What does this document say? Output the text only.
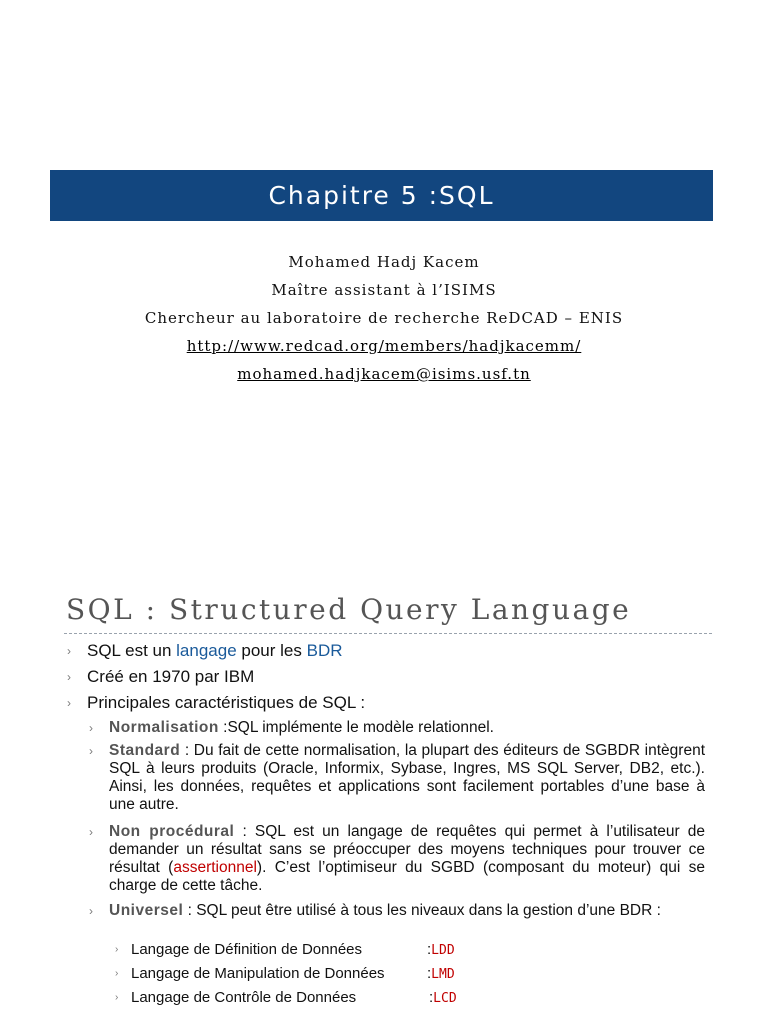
Chapitre 5 :SQL
Mohamed Hadj Kacem
Maître assistant à l’ISIMS
Chercheur au laboratoire de recherche ReDCAD – ENIS
http://www.redcad.org/members/hadjkacemm/
mohamed.hadjkacem@isims.usf.tn
SQL : Structured Query Language
› SQL est un langage pour les BDR
› Créé en 1970 par IBM
› Principales caractéristiques de SQL :
› Normalisation :SQL implémente le modèle relationnel.
› Standard : Du fait de cette normalisation, la plupart des éditeurs de SGBDR intègrent SQL à leurs produits (Oracle, Informix, Sybase, Ingres, MS SQL Server, DB2, etc.). Ainsi, les données, requêtes et applications sont facilement portables d’une base à une autre.
› Non procédural : SQL est un langage de requêtes qui permet à l’utilisateur de demander un résultat sans se préoccuper des moyens techniques pour trouver ce résultat (assertionnel). C’est l’optimiseur du SGBD (composant du moteur) qui se charge de cette tâche.
› Universel : SQL peut être utilisé à tous les niveaux dans la gestion d’une BDR :
› Langage de Définition de Données	:LDD
› Langage de Manipulation de Données	:LMD
› Langage de Contrôle de Données	:LCD
